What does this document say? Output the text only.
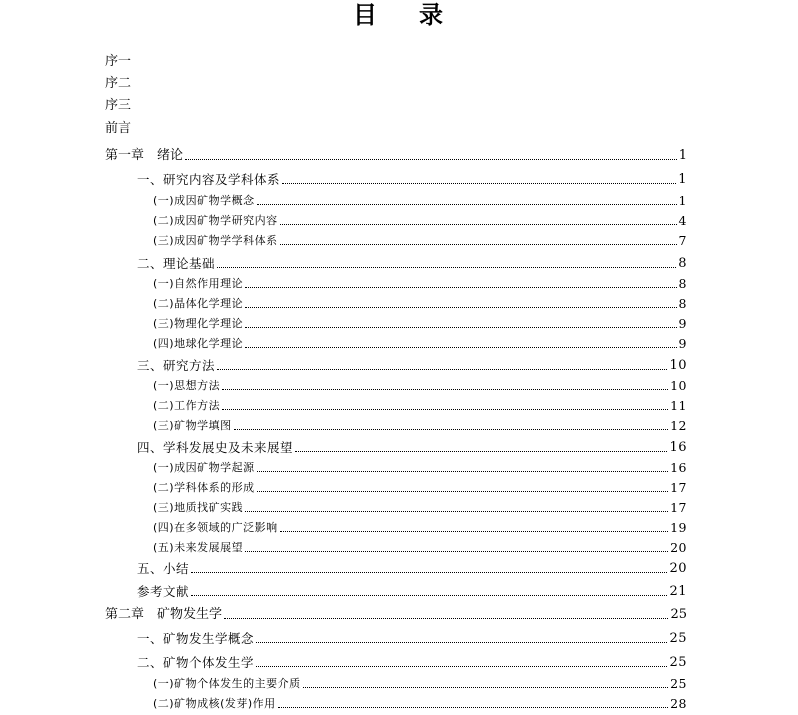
目 录
序一
序二
序三
前言
第一章　绪论	1
一、研究内容及学科体系	1
(一)成因矿物学概念	1
(二)成因矿物学研究内容	4
(三)成因矿物学学科体系	7
二、理论基础	8
(一)自然作用理论	8
(二)晶体化学理论	8
(三)物理化学理论	9
(四)地球化学理论	9
三、研究方法	10
(一)思想方法	10
(二)工作方法	11
(三)矿物学填图	12
四、学科发展史及未来展望	16
(一)成因矿物学起源	16
(二)学科体系的形成	17
(三)地质找矿实践	17
(四)在多领域的广泛影响	19
(五)未来发展展望	20
五、小结	20
参考文献	21
第二章　矿物发生学	25
一、矿物发生学概念	25
二、矿物个体发生学	25
(一)矿物个体发生的主要介质	25
(二)矿物成核(发芽)作用	28
